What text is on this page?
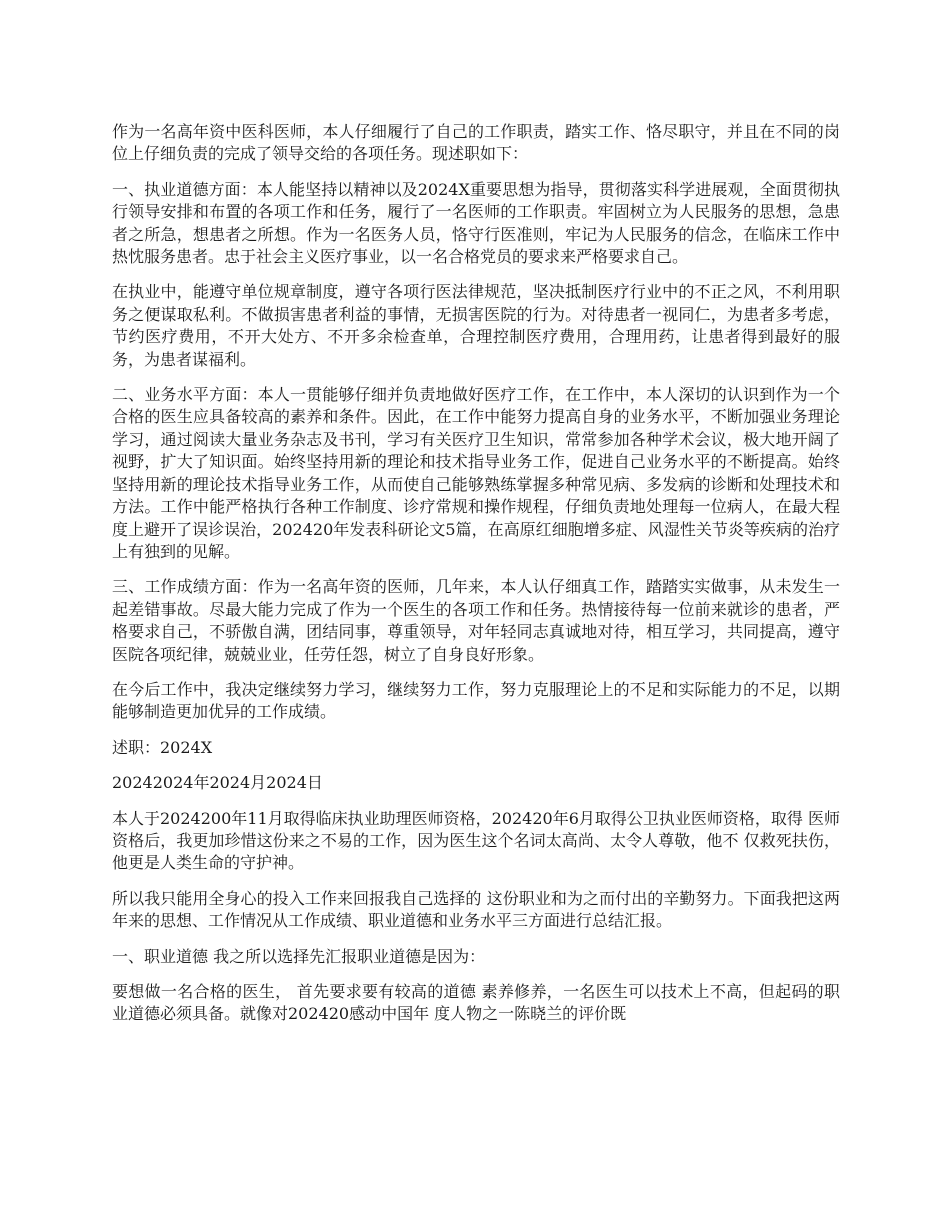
作为一名高年资中医科医师，本人仔细履行了自己的工作职责，踏实工作、恪尽职守，并且在不同的岗位上仔细负责的完成了领导交给的各项任务。现述职如下：

一、执业道德方面：本人能坚持以精神以及2024X重要思想为指导，贯彻落实科学进展观，全面贯彻执行领导安排和布置的各项工作和任务，履行了一名医师的工作职责。牢固树立为人民服务的思想，急患者之所急，想患者之所想。作为一名医务人员，恪守行医准则，牢记为人民服务的信念，在临床工作中热忱服务患者。忠于社会主义医疗事业，以一名合格党员的要求来严格要求自己。

在执业中，能遵守单位规章制度，遵守各项行医法律规范，坚决抵制医疗行业中的不正之风，不利用职务之便谋取私利。不做损害患者利益的事情，无损害医院的行为。对待患者一视同仁，为患者多考虑，节约医疗费用，不开大处方、不开多余检查单，合理控制医疗费用，合理用药，让患者得到最好的服务，为患者谋福利。

二、业务水平方面：本人一贯能够仔细并负责地做好医疗工作，在工作中，本人深切的认识到作为一个合格的医生应具备较高的素养和条件。因此，在工作中能努力提高自身的业务水平，不断加强业务理论学习，通过阅读大量业务杂志及书刊，学习有关医疗卫生知识，常常参加各种学术会议，极大地开阔了视野，扩大了知识面。始终坚持用新的理论和技术指导业务工作，促进自己业务水平的不断提高。始终坚持用新的理论技术指导业务工作，从而使自己能够熟练掌握多种常见病、多发病的诊断和处理技术和方法。工作中能严格执行各种工作制度、诊疗常规和操作规程，仔细负责地处理每一位病人，在最大程度上避开了误诊误治，202420年发表科研论文5篇，在高原红细胞增多症、风湿性关节炎等疾病的治疗上有独到的见解。

三、工作成绩方面：作为一名高年资的医师，几年来，本人认仔细真工作，踏踏实实做事，从未发生一起差错事故。尽最大能力完成了作为一个医生的各项工作和任务。热情接待每一位前来就诊的患者，严格要求自己，不骄傲自满，团结同事，尊重领导，对年轻同志真诚地对待，相互学习，共同提高，遵守医院各项纪律，兢兢业业，任劳任怨，树立了自身良好形象。

在今后工作中，我决定继续努力学习，继续努力工作，努力克服理论上的不足和实际能力的不足，以期能够制造更加优异的工作成绩。

述职：2024X

20242024年2024月2024日

本人于2024200年11月取得临床执业助理医师资格，202420年6月取得公卫执业医师资格，取得 医师资格后，我更加珍惜这份来之不易的工作，因为医生这个名词太高尚、太令人尊敬，他不 仅救死扶伤， 他更是人类生命的守护神。

所以我只能用全身心的投入工作来回报我自己选择的 这份职业和为之而付出的辛勤努力。下面我把这两年来的思想、工作情况从工作成绩、职业道德和业务水平三方面进行总结汇报。

一、职业道德 我之所以选择先汇报职业道德是因为：

要想做一名合格的医生， 首先要求要有较高的道德 素养修养，一名医生可以技术上不高，但起码的职业道德必须具备。就像对202420感动中国年 度人物之一陈晓兰的评价既
